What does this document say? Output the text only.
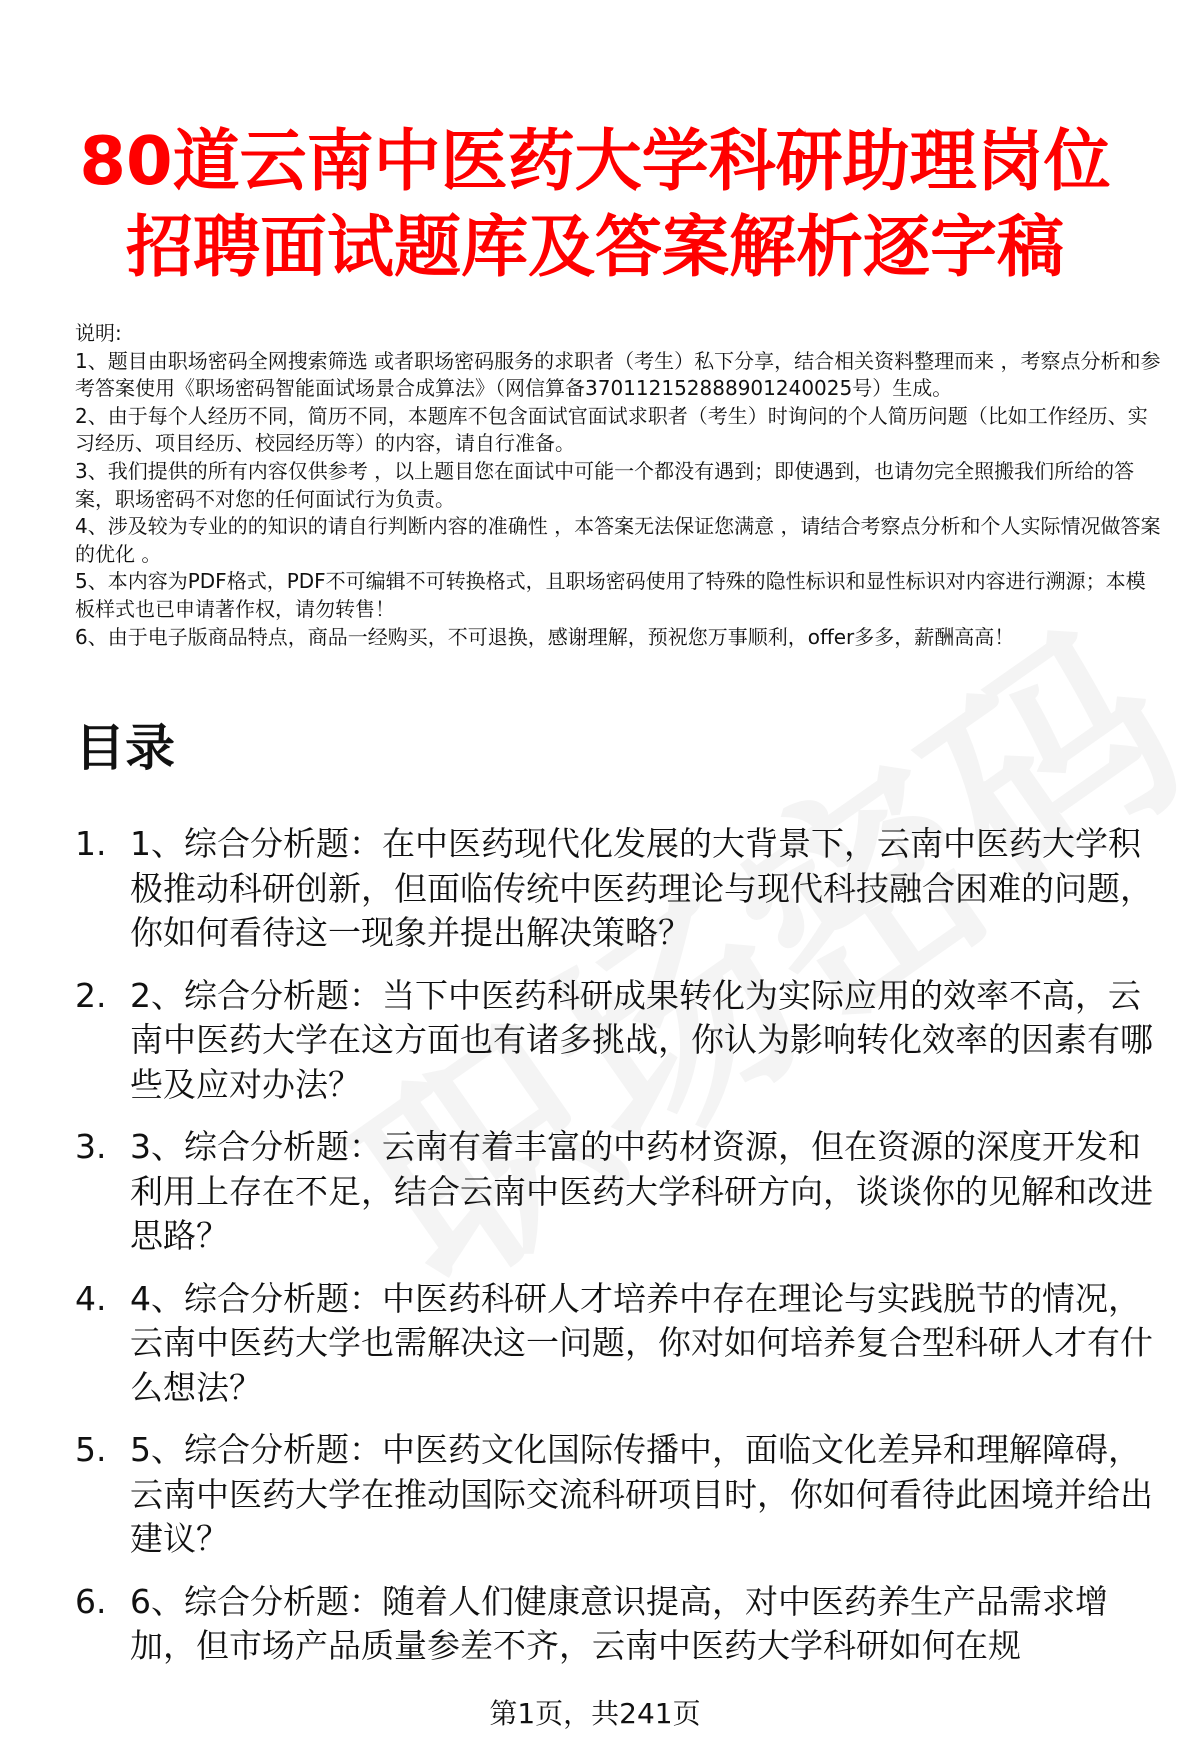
80道云南中医药大学科研助理岗位
招聘面试题库及答案解析逐字稿

说明:

1、题目由职场密码全网搜索筛选 或者职场密码服务的求职者（考生）私下分享，结合相关资料整理而来 ，考察点分析和参考答案使用《职场密码智能面试场景合成算法》（网信算备370112152888901240025号）生成。

2、由于每个人经历不同，简历不同，本题库不包含面试官面试求职者（考生）时询问的个人简历问题（比如工作经历、实习经历、项目经历、校园经历等）的内容，请自行准备。

3、我们提供的所有内容仅供参考 ，以上题目您在面试中可能一个都没有遇到；即使遇到，也请勿完全照搬我们所给的答案，职场密码不对您的任何面试行为负责。

4、涉及较为专业的的知识的请自行判断内容的准确性 ，本答案无法保证您满意 ，请结合考察点分析和个人实际情况做答案的优化 。

5、本内容为PDF格式，PDF不可编辑不可转换格式，且职场密码使用了特殊的隐性标识和显性标识对内容进行溯源；本模板样式也已申请著作权，请勿转售！

6、由于电子版商品特点，商品一经购买，不可退换，感谢理解，预祝您万事顺利，offer多多，薪酬高高！

目录
1. 1、综合分析题：在中医药现代化发展的大背景下，云南中医药大学积极推动科研创新，但面临传统中医药理论与现代科技融合困难的问题，你如何看待这一现象并提出解决策略？
2. 2、综合分析题：当下中医药科研成果转化为实际应用的效率不高，云南中医药大学在这方面也有诸多挑战，你认为影响转化效率的因素有哪些及应对办法？
3. 3、综合分析题：云南有着丰富的中药材资源，但在资源的深度开发和利用上存在不足，结合云南中医药大学科研方向，谈谈你的见解和改进思路？
4. 4、综合分析题：中医药科研人才培养中存在理论与实践脱节的情况，云南中医药大学也需解决这一问题，你对如何培养复合型科研人才有什么想法？
5. 5、综合分析题：中医药文化国际传播中，面临文化差异和理解障碍，云南中医药大学在推动国际交流科研项目时，你如何看待此困境并给出建议？
6. 6、综合分析题：随着人们健康意识提高，对中医药养生产品需求增加，但市场产品质量参差不齐，云南中医药大学科研如何在规
第1页，共241页
